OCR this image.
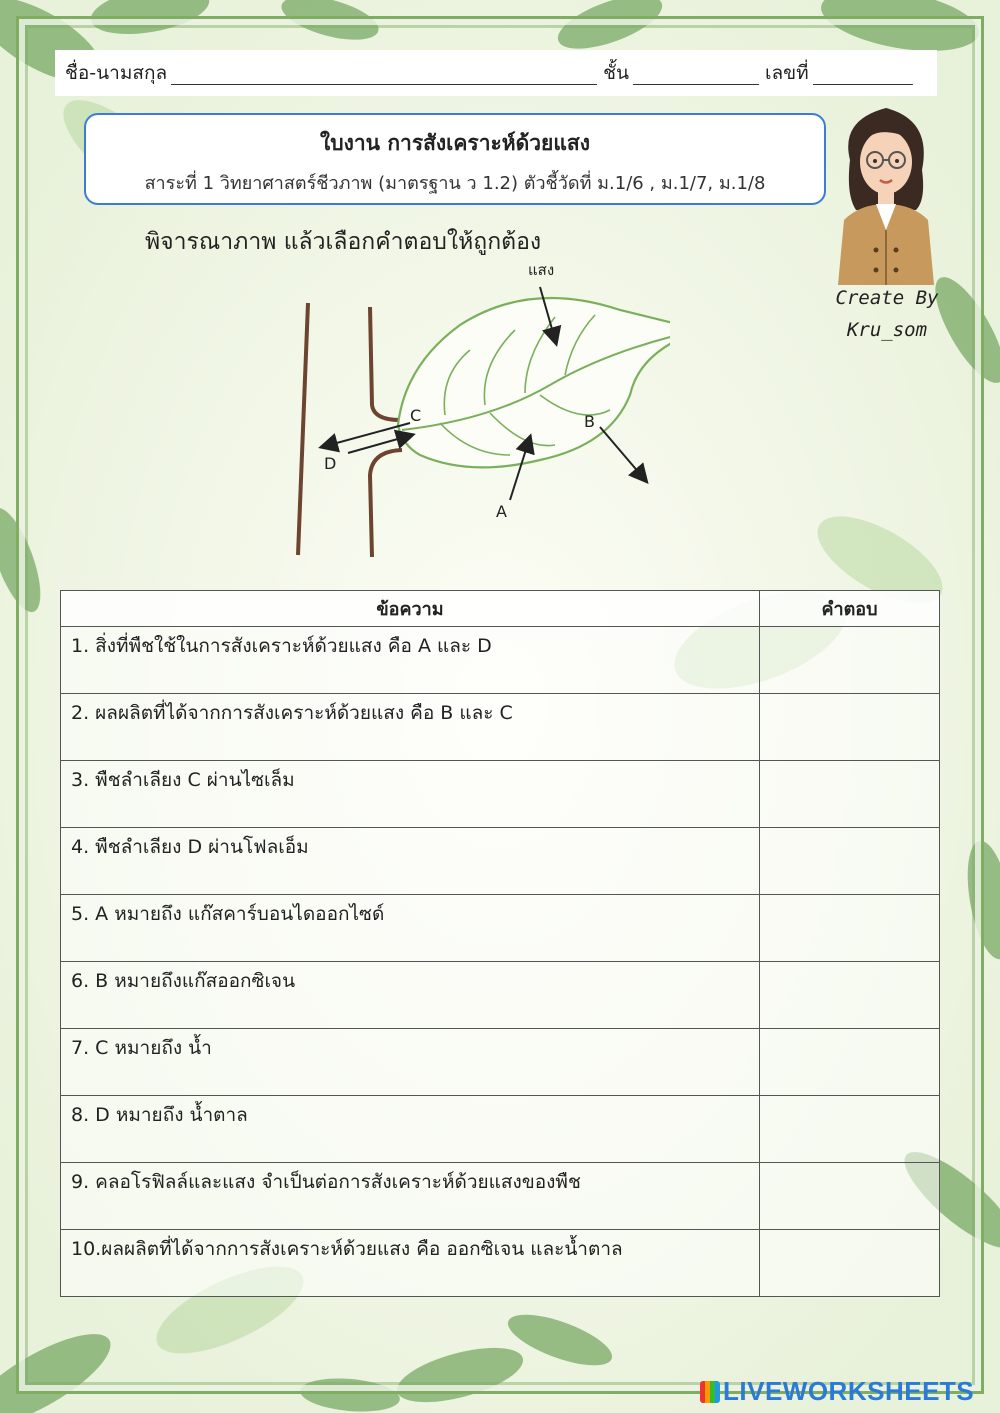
ชื่อ-นามสกุล	ชั้น	เลขที่
ใบงาน การสังเคราะห์ด้วยแสง
สาระที่ 1 วิทยาศาสตร์ชีวภาพ (มาตรฐาน ว 1.2) ตัวชี้วัดที่ ม.1/6 , ม.1/7, ม.1/8
Create By
Kru_som
พิจารณาภาพ แล้วเลือกคำตอบให้ถูกต้อง
แสง
A
B
C
D
ข้อความ	คำตอบ
1. สิ่งที่พืชใช้ในการสังเคราะห์ด้วยแสง คือ A และ D	

2. ผลผลิตที่ได้จากการสังเคราะห์ด้วยแสง คือ B และ C	

3. พืชลำเลียง C ผ่านไซเล็ม	

4. พืชลำเลียง D ผ่านโฟลเอ็ม	

5. A หมายถึง แก๊สคาร์บอนไดออกไซด์	

6. B หมายถึงแก๊สออกซิเจน	

7. C หมายถึง น้ำ	

8. D หมายถึง น้ำตาล	

9. คลอโรฟิลล์และแสง จำเป็นต่อการสังเคราะห์ด้วยแสงของพืช	

10.ผลผลิตที่ได้จากการสังเคราะห์ด้วยแสง คือ ออกซิเจน และน้ำตาล	
LIVEWORKSHEETS
